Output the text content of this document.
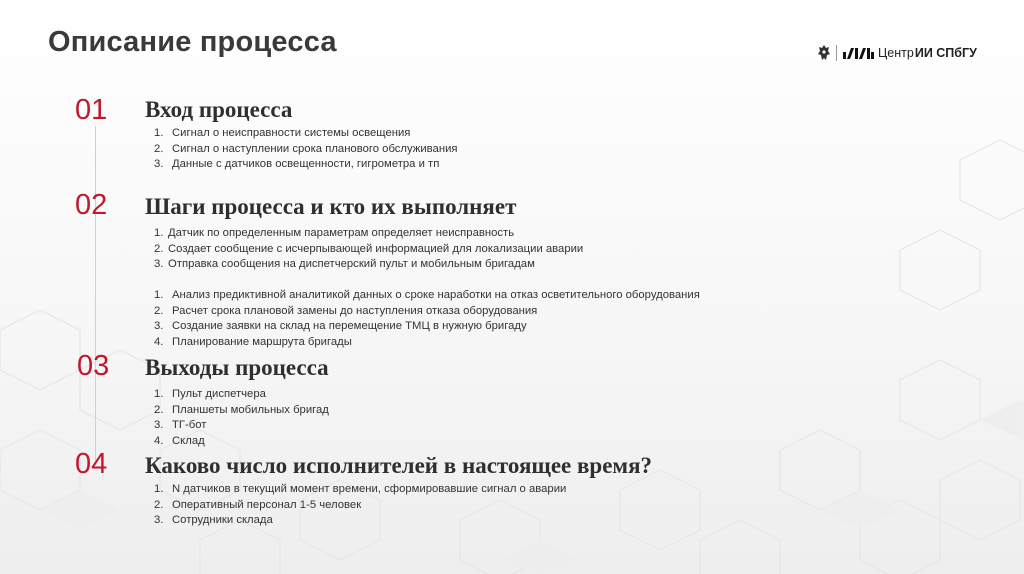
Описание процесса	Центр ИИ СПбГУ
01 Вход процесса
1. Сигнал о неисправности системы освещения
2. Сигнал о наступлении срока планового обслуживания
3. Данные с датчиков освещенности, гигрометра и тп
02 Шаги процесса и кто их выполняет
1. Датчик по определенным параметрам определяет неисправность
2. Создает сообщение с исчерпывающей информацией для локализации аварии
3. Отправка сообщения на диспетчерский пульт и мобильным бригадам
1. Анализ предиктивной аналитикой данных о сроке наработки на отказ осветительного оборудования
2. Расчет срока плановой замены до наступления отказа оборудования
3. Создание заявки на склад на перемещение ТМЦ в нужную бригаду
4. Планирование маршрута бригады
03 Выходы процесса
1. Пульт диспетчера
2. Планшеты мобильных бригад
3. ТГ-бот
4. Склад
04 Каково число исполнителей в настоящее время?
1. N датчиков в текущий момент времени, сформировавшие сигнал о аварии
2. Оперативный персонал 1-5 человек
3. Сотрудники склада
